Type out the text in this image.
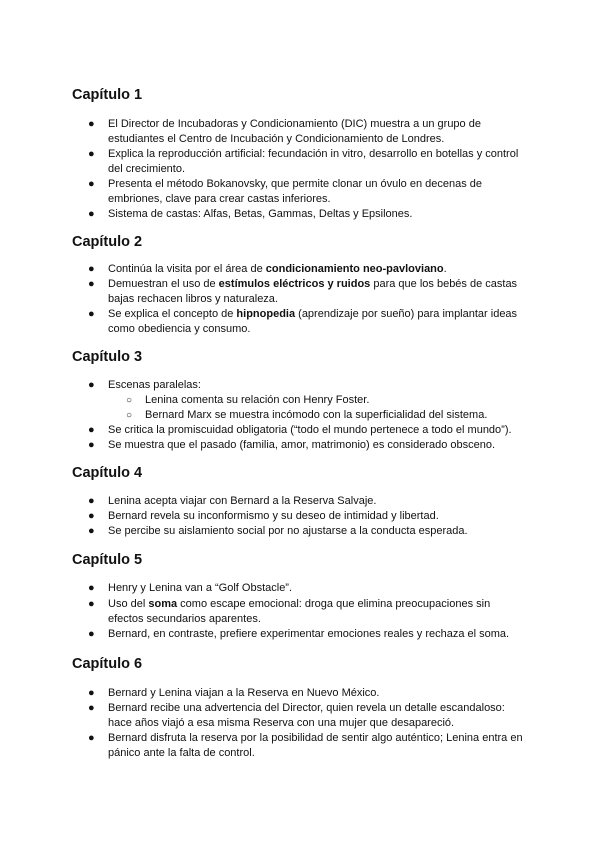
Capítulo 1
● El Director de Incubadoras y Condicionamiento (DIC) muestra a un grupo de
estudiantes el Centro de Incubación y Condicionamiento de Londres.
● Explica la reproducción artificial: fecundación in vitro, desarrollo en botellas y control
del crecimiento.
● Presenta el método Bokanovsky, que permite clonar un óvulo en decenas de
embriones, clave para crear castas inferiores.
● Sistema de castas: Alfas, Betas, Gammas, Deltas y Epsilones.
Capítulo 2
● Continúa la visita por el área de condicionamiento neo-pavloviano.
● Demuestran el uso de estímulos eléctricos y ruidos para que los bebés de castas
bajas rechacen libros y naturaleza.
● Se explica el concepto de hipnopedia (aprendizaje por sueño) para implantar ideas
como obediencia y consumo.
Capítulo 3
● Escenas paralelas:
○ Lenina comenta su relación con Henry Foster.
○ Bernard Marx se muestra incómodo con la superficialidad del sistema.
● Se critica la promiscuidad obligatoria (“todo el mundo pertenece a todo el mundo”).
● Se muestra que el pasado (familia, amor, matrimonio) es considerado obsceno.
Capítulo 4
● Lenina acepta viajar con Bernard a la Reserva Salvaje.
● Bernard revela su inconformismo y su deseo de intimidad y libertad.
● Se percibe su aislamiento social por no ajustarse a la conducta esperada.
Capítulo 5
● Henry y Lenina van a “Golf Obstacle”.
● Uso del soma como escape emocional: droga que elimina preocupaciones sin
efectos secundarios aparentes.
● Bernard, en contraste, prefiere experimentar emociones reales y rechaza el soma.
Capítulo 6
● Bernard y Lenina viajan a la Reserva en Nuevo México.
● Bernard recibe una advertencia del Director, quien revela un detalle escandaloso:
hace años viajó a esa misma Reserva con una mujer que desapareció.
● Bernard disfruta la reserva por la posibilidad de sentir algo auténtico; Lenina entra en
pánico ante la falta de control.
